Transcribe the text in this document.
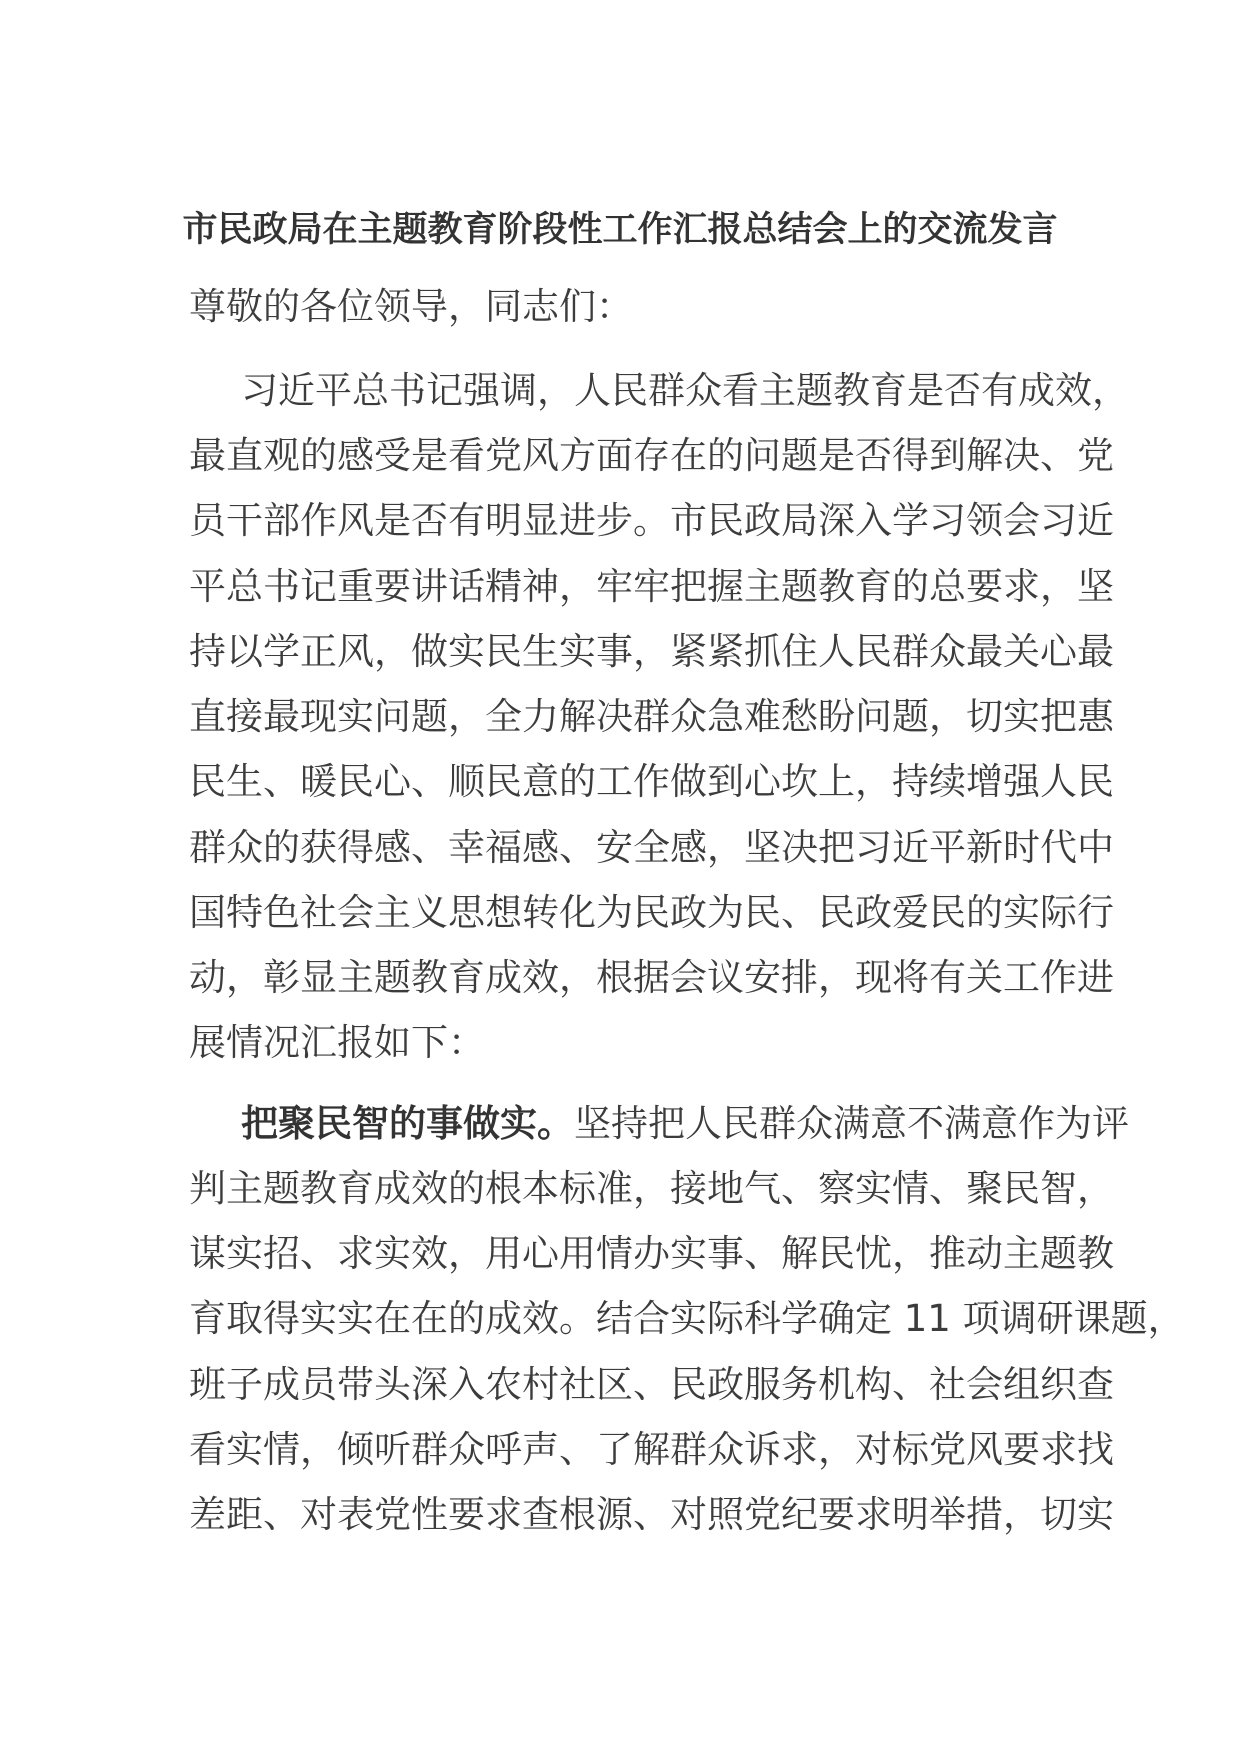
市民政局在主题教育阶段性工作汇报总结会上的交流发言
尊敬的各位领导，同志们：
习近平总书记强调，人民群众看主题教育是否有成效，
最直观的感受是看党风方面存在的问题是否得到解决、党
员干部作风是否有明显进步。市民政局深入学习领会习近
平总书记重要讲话精神，牢牢把握主题教育的总要求，坚
持以学正风，做实民生实事，紧紧抓住人民群众最关心最
直接最现实问题，全力解决群众急难愁盼问题，切实把惠
民生、暖民心、顺民意的工作做到心坎上，持续增强人民
群众的获得感、幸福感、安全感，坚决把习近平新时代中
国特色社会主义思想转化为民政为民、民政爱民的实际行
动，彰显主题教育成效，根据会议安排，现将有关工作进
展情况汇报如下：
把聚民智的事做实。坚持把人民群众满意不满意作为评
判主题教育成效的根本标准，接地气、察实情、聚民智，
谋实招、求实效，用心用情办实事、解民忧，推动主题教
育取得实实在在的成效。结合实际科学确定 11 项调研课题，
班子成员带头深入农村社区、民政服务机构、社会组织查
看实情，倾听群众呼声、了解群众诉求，对标党风要求找
差距、对表党性要求查根源、对照党纪要求明举措，切实
